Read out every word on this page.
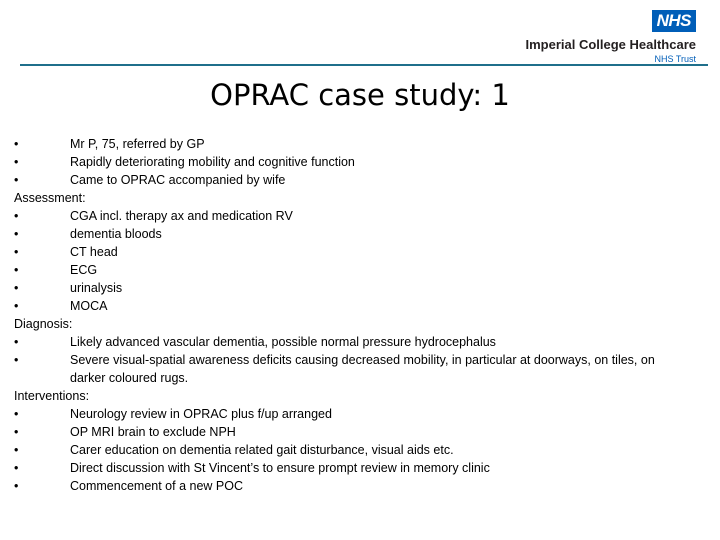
NHS
Imperial College Healthcare
NHS Trust
OPRAC case study: 1
•	Mr P, 75, referred by GP
•	Rapidly deteriorating mobility and cognitive function
•	Came to OPRAC accompanied by wife
Assessment:
•	CGA incl. therapy ax and medication RV
•	dementia bloods
•	CT head
•	ECG
•	urinalysis
•	MOCA
Diagnosis:
•	Likely advanced vascular dementia, possible normal pressure hydrocephalus
•	Severe visual-spatial awareness deficits causing decreased mobility, in particular at doorways, on tiles, on darker coloured rugs.
Interventions:
•	Neurology review in OPRAC plus f/up arranged
•	OP MRI brain to exclude NPH
•	Carer education on dementia related gait disturbance, visual aids etc.
•	Direct discussion with St Vincent’s to ensure prompt review in memory clinic
•	Commencement of a new POC
